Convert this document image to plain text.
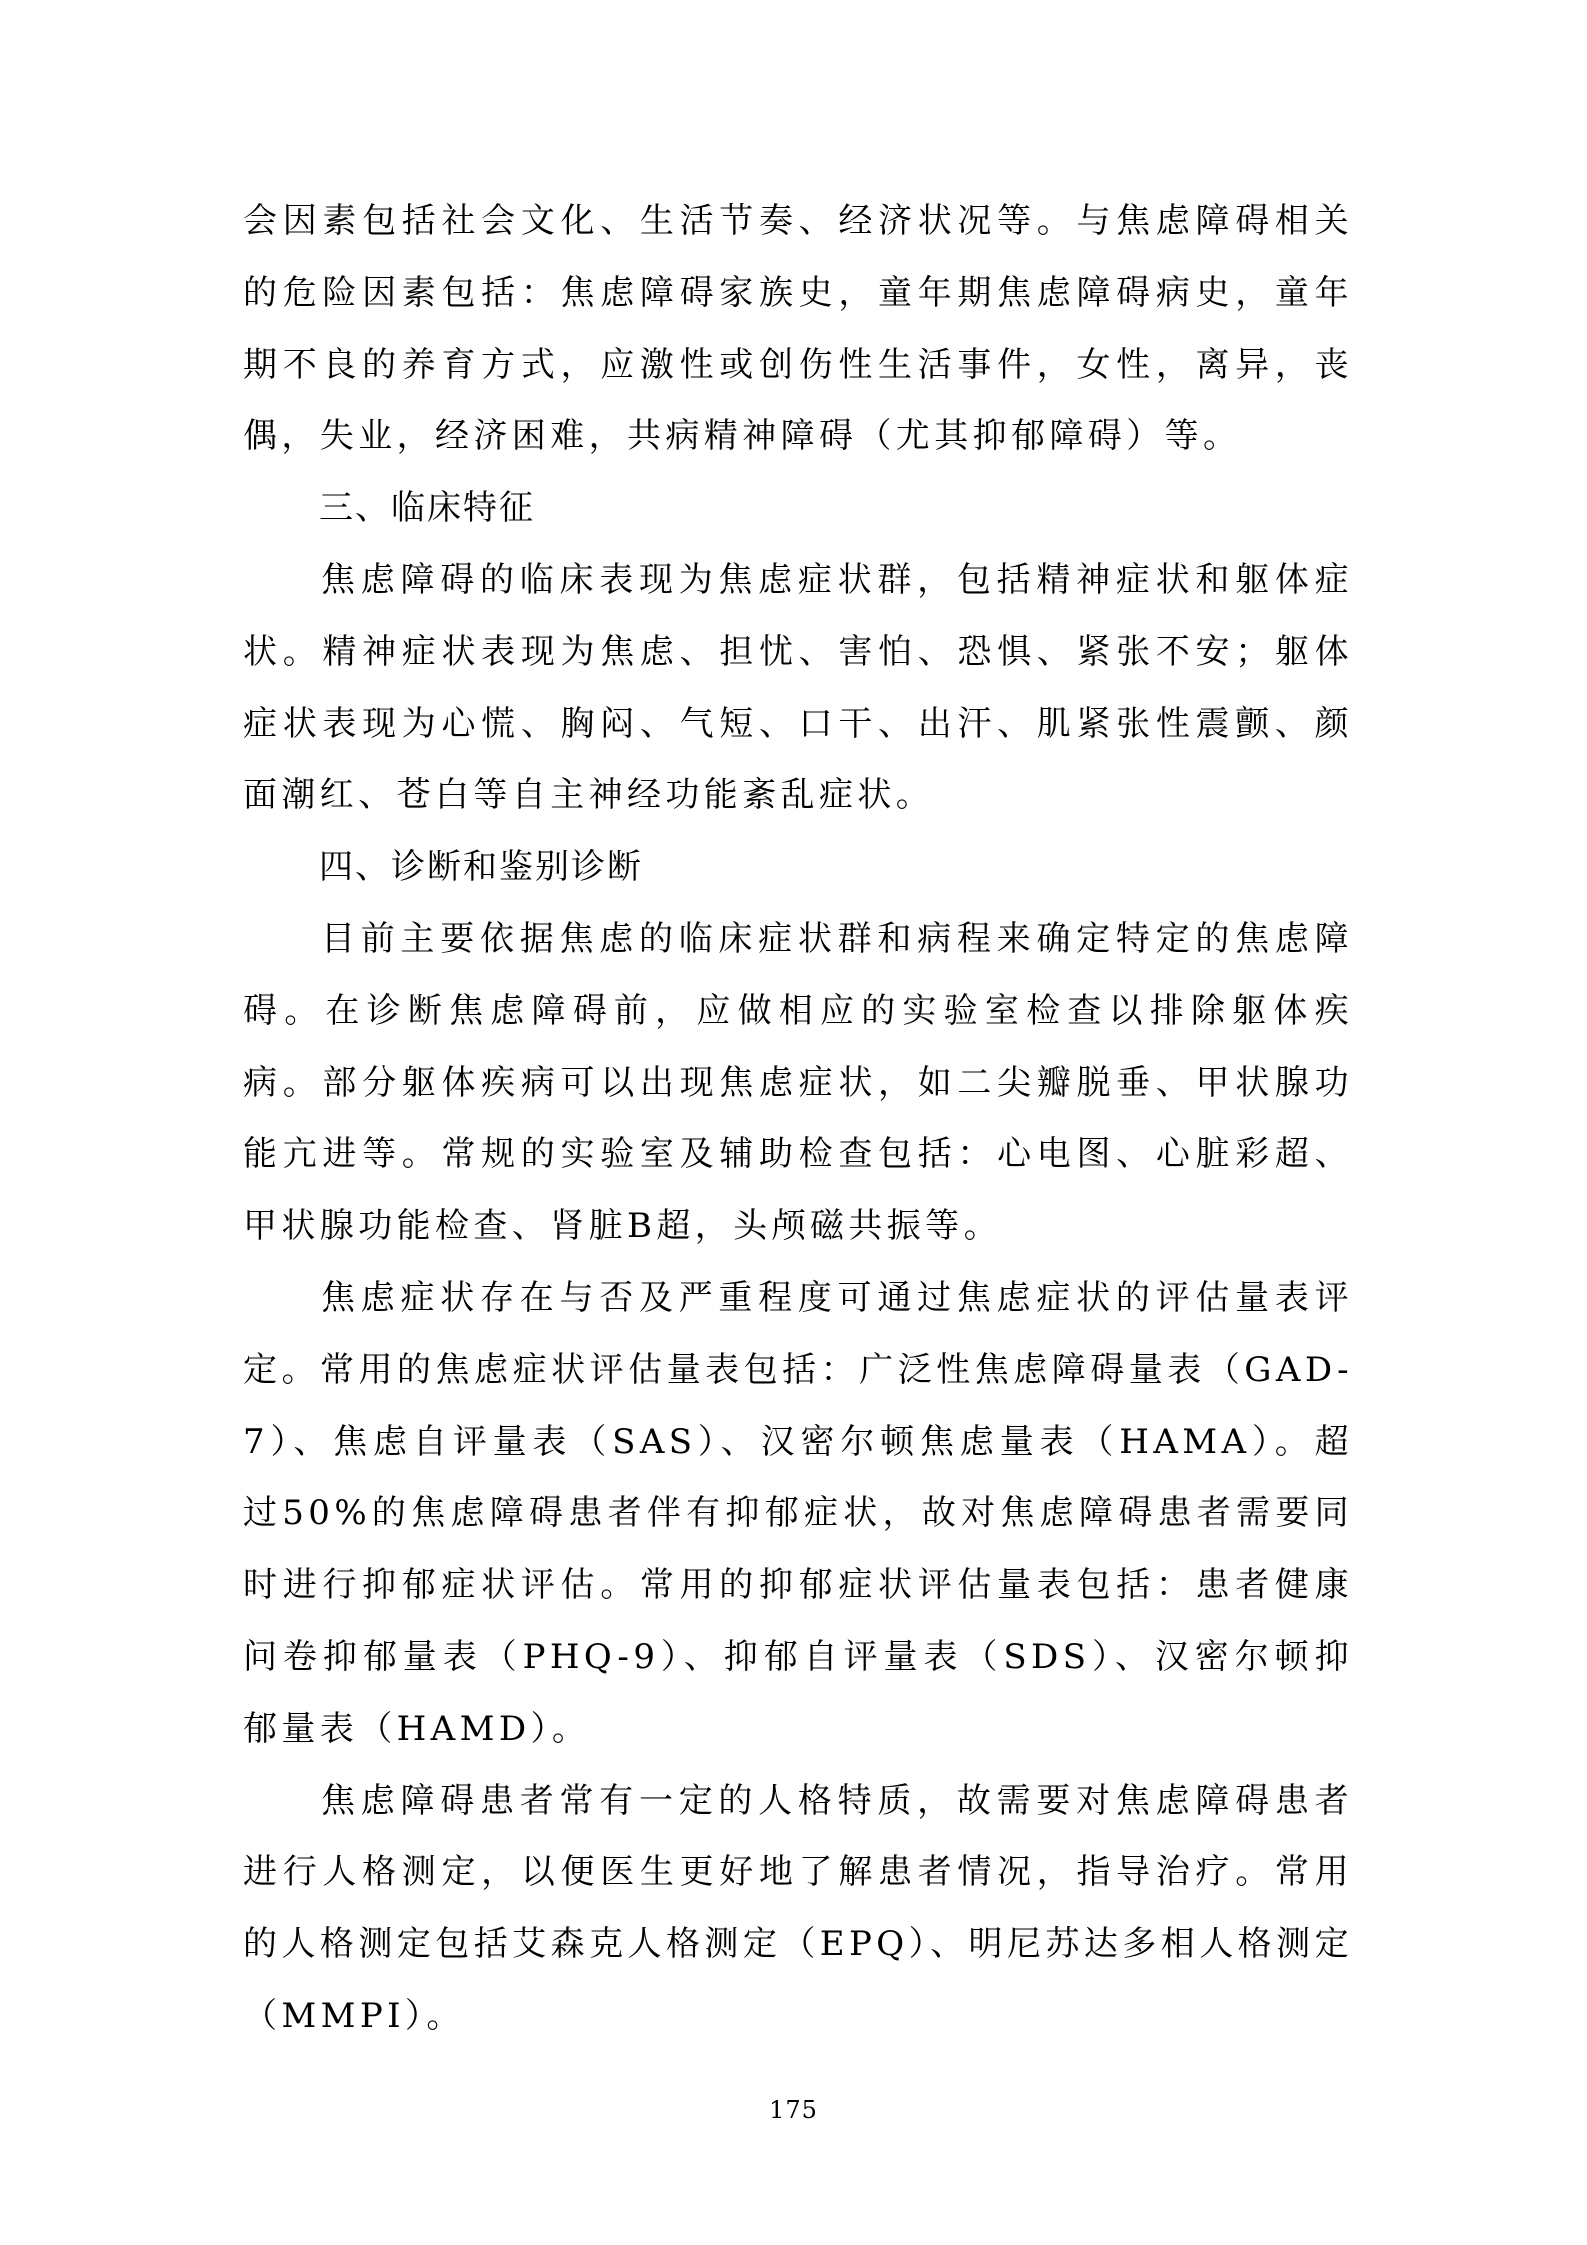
会因素包括社会文化、生活节奏、经济状况等。与焦虑障碍相关的危险因素包括：焦虑障碍家族史，童年期焦虑障碍病史，童年期不良的养育方式，应激性或创伤性生活事件，女性，离异，丧偶，失业，经济困难，共病精神障碍（尤其抑郁障碍）等。

三、临床特征

焦虑障碍的临床表现为焦虑症状群，包括精神症状和躯体症状。精神症状表现为焦虑、担忧、害怕、恐惧、紧张不安；躯体症状表现为心慌、胸闷、气短、口干、出汗、肌紧张性震颤、颜面潮红、苍白等自主神经功能紊乱症状。

四、诊断和鉴别诊断

目前主要依据焦虑的临床症状群和病程来确定特定的焦虑障碍。在诊断焦虑障碍前，应做相应的实验室检查以排除躯体疾病。部分躯体疾病可以出现焦虑症状，如二尖瓣脱垂、甲状腺功能亢进等。常规的实验室及辅助检查包括：心电图、心脏彩超、甲状腺功能检查、肾脏B超，头颅磁共振等。

焦虑症状存在与否及严重程度可通过焦虑症状的评估量表评定。常用的焦虑症状评估量表包括：广泛性焦虑障碍量表（GAD-7）、焦虑自评量表（SAS）、汉密尔顿焦虑量表（HAMA）。超过50%的焦虑障碍患者伴有抑郁症状，故对焦虑障碍患者需要同时进行抑郁症状评估。常用的抑郁症状评估量表包括：患者健康问卷抑郁量表（PHQ-9）、抑郁自评量表（SDS）、汉密尔顿抑郁量表（HAMD）。

焦虑障碍患者常有一定的人格特质，故需要对焦虑障碍患者进行人格测定，以便医生更好地了解患者情况，指导治疗。常用的人格测定包括艾森克人格测定（EPQ）、明尼苏达多相人格测定（MMPI）。

175
